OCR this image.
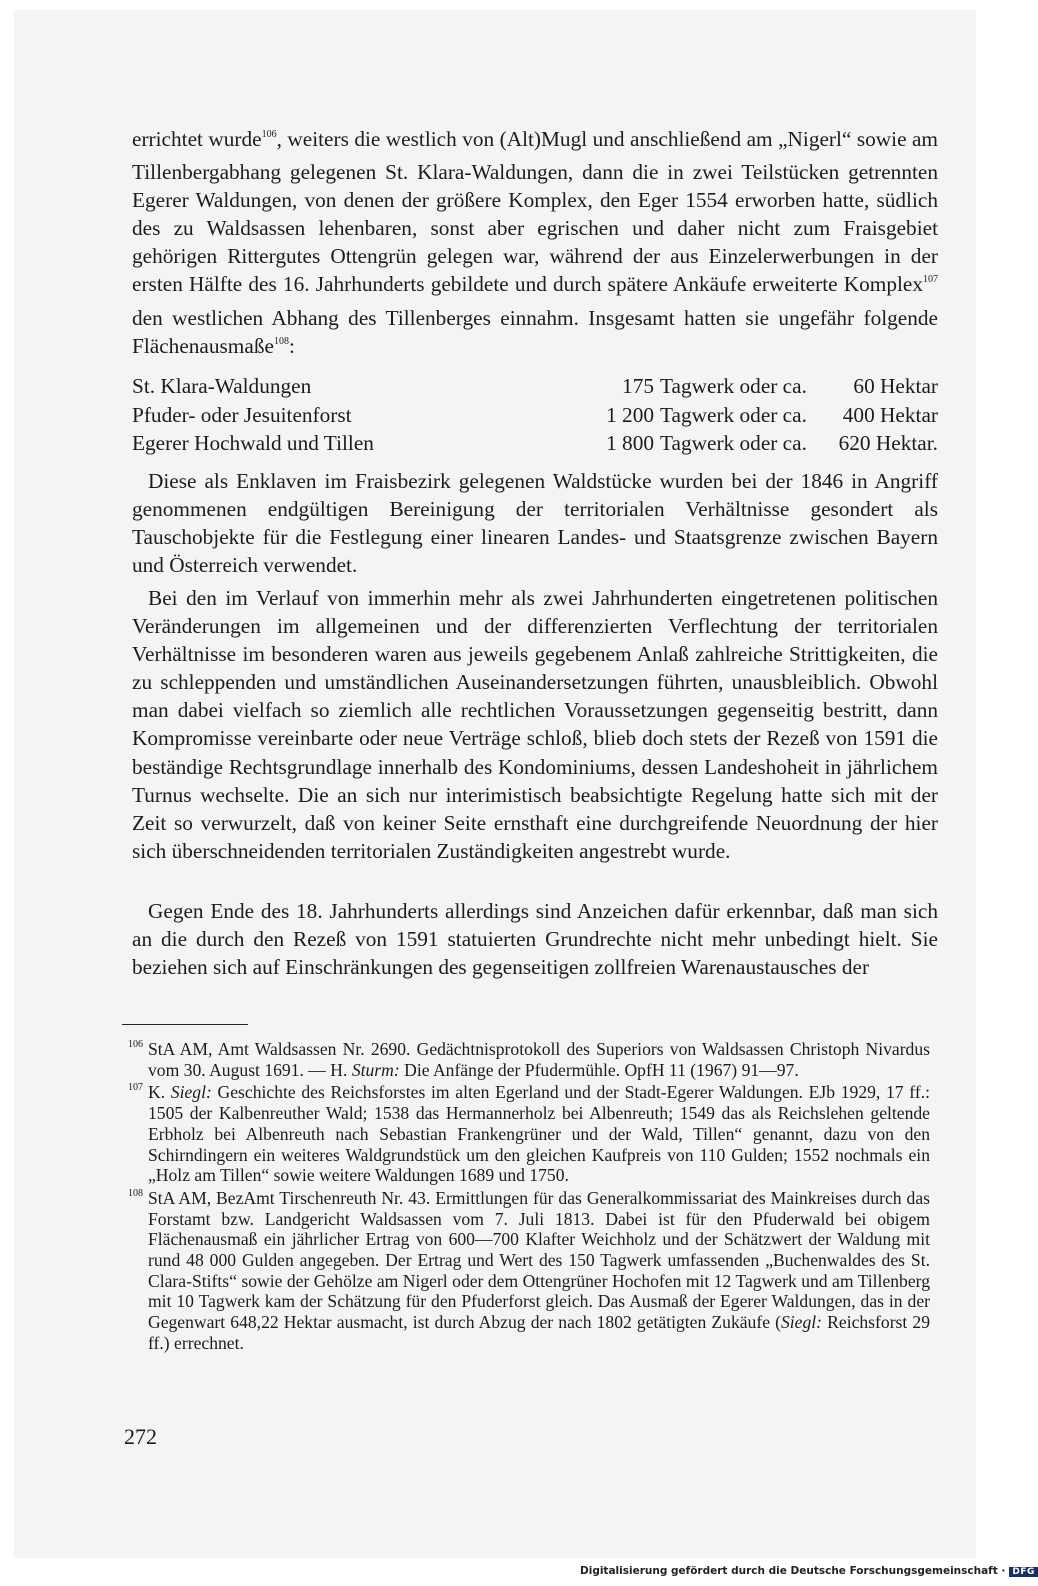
errichtet wurde$^{106}$, weiters die westlich von (Alt)Mugl und anschließend am „Nigerl“ sowie am Tillenbergabhang gelegenen St. Klara-Waldungen, dann die in zwei Teilstücken getrennten Egerer Waldungen, von denen der größere Komplex, den Eger 1554 erworben hatte, südlich des zu Waldsassen lehenbaren, sonst aber egrischen und daher nicht zum Fraisgebiet gehörigen Rittergutes Ottengrün gelegen war, während der aus Einzelerwerbungen in der ersten Hälfte des 16. Jahrhunderts gebildete und durch spätere Ankäufe erweiterte Komplex$^{107}$ den westlichen Abhang des Tillenberges einnahm. Insgesamt hatten sie ungefähr folgende Flächenausmaße$^{108}$:

St. Klara-Waldungen	175 Tagwerk oder ca. 60 Hektar
Pfuder- oder Jesuitenforst	1 200 Tagwerk oder ca. 400 Hektar
Egerer Hochwald und Tillen	1 800 Tagwerk oder ca. 620 Hektar.

Diese als Enklaven im Fraisbezirk gelegenen Waldstücke wurden bei der 1846 in Angriff genommenen endgültigen Bereinigung der territorialen Verhältnisse gesondert als Tauschobjekte für die Festlegung einer linearen Landes- und Staatsgrenze zwischen Bayern und Österreich verwendet.

Bei den im Verlauf von immerhin mehr als zwei Jahrhunderten eingetretenen politischen Veränderungen im allgemeinen und der differenzierten Verflechtung der territorialen Verhältnisse im besonderen waren aus jeweils gegebenem Anlaß zahlreiche Strittigkeiten, die zu schleppenden und umständlichen Auseinandersetzungen führten, unausbleiblich. Obwohl man dabei vielfach so ziemlich alle rechtlichen Voraussetzungen gegenseitig bestritt, dann Kompromisse vereinbarte oder neue Verträge schloß, blieb doch stets der Rezeß von 1591 die beständige Rechtsgrundlage innerhalb des Kondominiums, dessen Landeshoheit in jährlichem Turnus wechselte. Die an sich nur interimistisch beabsichtigte Regelung hatte sich mit der Zeit so verwurzelt, daß von keiner Seite ernsthaft eine durchgreifende Neuordnung der hier sich überschneidenden territorialen Zuständigkeiten angestrebt wurde.

Gegen Ende des 18. Jahrhunderts allerdings sind Anzeichen dafür erkennbar, daß man sich an die durch den Rezeß von 1591 statuierten Grundrechte nicht mehr unbedingt hielt. Sie beziehen sich auf Einschränkungen des gegenseitigen zollfreien Warenaustausches der

106 StA AM, Amt Waldsassen Nr. 2690. Gedächtnisprotokoll des Superiors von Waldsassen Christoph Nivardus vom 30. August 1691. — H. Sturm: Die Anfänge der Pfudermühle. OpfH 11 (1967) 91—97.
107 K. Siegl: Geschichte des Reichsforstes im alten Egerland und der Stadt-Egerer Waldungen. EJb 1929, 17 ff.: 1505 der Kalbenreuther Wald; 1538 das Hermannerholz bei Albenreuth; 1549 das als Reichslehen geltende Erbholz bei Albenreuth nach Sebastian Frankengrüner und der Wald, Tillen“ genannt, dazu von den Schirndingern ein weiteres Waldgrundstück um den gleichen Kaufpreis von 110 Gulden; 1552 nochmals ein „Holz am Tillen“ sowie weitere Waldungen 1689 und 1750.
108 StA AM, BezAmt Tirschenreuth Nr. 43. Ermittlungen für das Generalkommissariat des Mainkreises durch das Forstamt bzw. Landgericht Waldsassen vom 7. Juli 1813. Dabei ist für den Pfuderwald bei obigem Flächenausmaß ein jährlicher Ertrag von 600—700 Klafter Weichholz und der Schätzwert der Waldung mit rund 48 000 Gulden angegeben. Der Ertrag und Wert des 150 Tagwerk umfassenden „Buchenwaldes des St. Clara-Stifts“ sowie der Gehölze am Nigerl oder dem Ottengrüner Hochofen mit 12 Tagwerk und am Tillenberg mit 10 Tagwerk kam der Schätzung für den Pfuderforst gleich. Das Ausmaß der Egerer Waldungen, das in der Gegenwart 648,22 Hektar ausmacht, ist durch Abzug der nach 1802 getätigten Zukäufe (Siegl: Reichsforst 29 ff.) errechnet.
272
Digitalisierung gefördert durch die Deutsche Forschungsgemeinschaft · DFG
